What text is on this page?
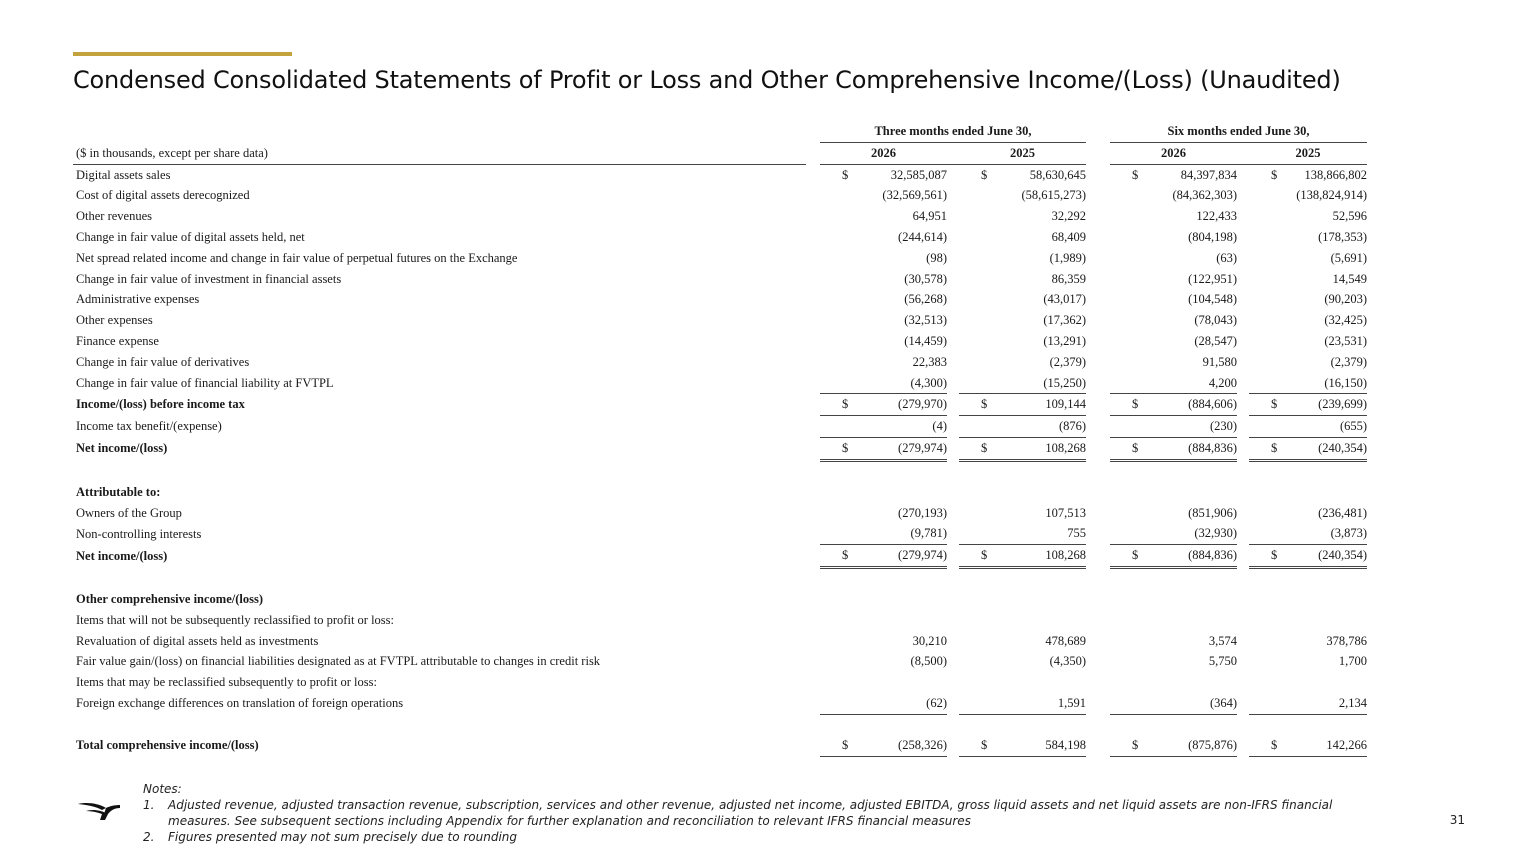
Condensed Consolidated Statements of Profit or Loss and Other Comprehensive Income/(Loss) (Unaudited)
		Three months ended June 30,					Six months ended June 30,		
($ in thousands, except per share data)		2026		2025			2026		2025
Digital assets sales		$ 32,585,087		$ 58,630,645			$ 84,397,834		$ 138,866,802

Cost of digital assets derecognized		(32,569,561)		(58,615,273)			(84,362,303)		(138,824,914)

Other revenues		64,951		32,292			122,433		52,596

Change in fair value of digital assets held, net		(244,614)		68,409			(804,198)		(178,353)

Net spread related income and change in fair value of perpetual futures on the Exchange		(98)		(1,989)			(63)		(5,691)

Change in fair value of investment in financial assets		(30,578)		86,359			(122,951)		14,549

Administrative expenses		(56,268)		(43,017)			(104,548)		(90,203)

Other expenses		(32,513)		(17,362)			(78,043)		(32,425)

Finance expense		(14,459)		(13,291)			(28,547)		(23,531)

Change in fair value of derivatives		22,383		(2,379)			91,580		(2,379)

Change in fair value of financial liability at FVTPL		(4,300)		(15,250)			4,200		(16,150)

Income/(loss) before income tax		$ (279,970)		$ 109,144			$ (884,606)		$ (239,699)

Income tax benefit/(expense)		(4)		(876)			(230)		(655)

Net income/(loss)		$ (279,974)		$ 108,268			$ (884,836)		$ (240,354)

Attributable to:		

Owners of the Group		(270,193)		107,513			(851,906)		(236,481)

Non-controlling interests		(9,781)		755			(32,930)		(3,873)

Net income/(loss)		$ (279,974)		$ 108,268			$ (884,836)		$ (240,354)

Other comprehensive income/(loss)		

Items that will not be subsequently reclassified to profit or loss:		

Revaluation of digital assets held as investments		30,210		478,689			3,574		378,786

Fair value gain/(loss) on financial liabilities designated as at FVTPL attributable to changes in credit risk		(8,500)		(4,350)			5,750		1,700

Items that may be reclassified subsequently to profit or loss:		

Foreign exchange differences on translation of foreign operations		(62)		1,591			(364)		2,134

Total comprehensive income/(loss)		$ (258,326)		$ 584,198			$ (875,876)		$ 142,266

Notes:

1.	Adjusted revenue, adjusted transaction revenue, subscription, services and other revenue, adjusted net income, adjusted EBITDA, gross liquid assets and net liquid assets are non-IFRS financial measures. See subsequent sections including Appendix for further explanation and reconciliation to relevant IFRS financial measures
2.	Figures presented may not sum precisely due to rounding
31
